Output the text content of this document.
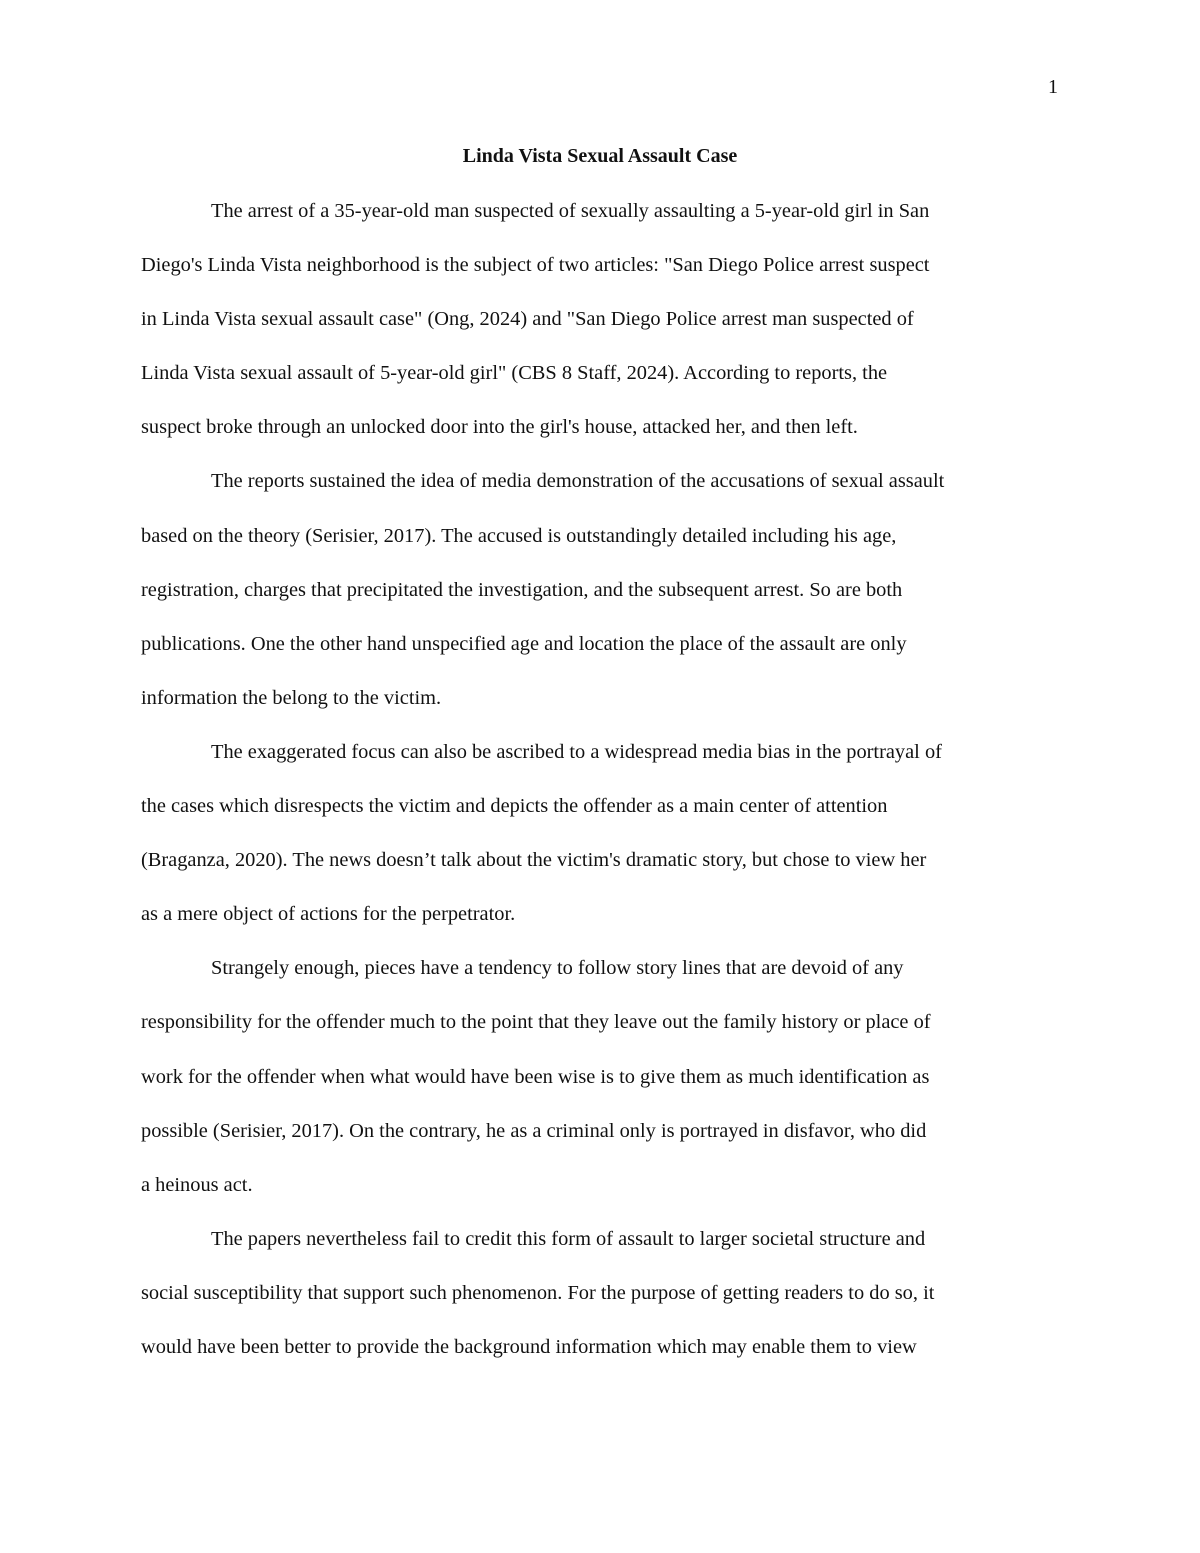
1
Linda Vista Sexual Assault Case

The arrest of a 35-year-old man suspected of sexually assaulting a 5-year-old girl in San
Diego's Linda Vista neighborhood is the subject of two articles: "San Diego Police arrest suspect
in Linda Vista sexual assault case" (Ong, 2024) and "San Diego Police arrest man suspected of
Linda Vista sexual assault of 5-year-old girl" (CBS 8 Staff, 2024). According to reports, the
suspect broke through an unlocked door into the girl's house, attacked her, and then left.

The reports sustained the idea of media demonstration of the accusations of sexual assault
based on the theory (Serisier, 2017). The accused is outstandingly detailed including his age,
registration, charges that precipitated the investigation, and the subsequent arrest. So are both
publications. One the other hand unspecified age and location the place of the assault are only
information the belong to the victim.

The exaggerated focus can also be ascribed to a widespread media bias in the portrayal of
the cases which disrespects the victim and depicts the offender as a main center of attention
(Braganza, 2020). The news doesn’t talk about the victim's dramatic story, but chose to view her
as a mere object of actions for the perpetrator.

Strangely enough, pieces have a tendency to follow story lines that are devoid of any
responsibility for the offender much to the point that they leave out the family history or place of
work for the offender when what would have been wise is to give them as much identification as
possible (Serisier, 2017). On the contrary, he as a criminal only is portrayed in disfavor, who did
a heinous act.

The papers nevertheless fail to credit this form of assault to larger societal structure and
social susceptibility that support such phenomenon. For the purpose of getting readers to do so, it
would have been better to provide the background information which may enable them to view
